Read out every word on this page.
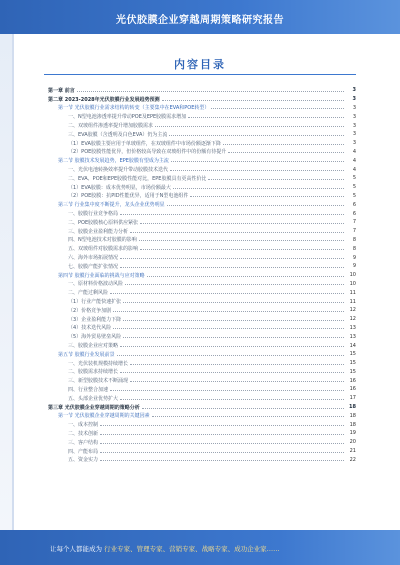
光伏胶膜企业穿越周期策略研究报告
内容目录
第一章 前言	3
第二章 2023-2028年光伏胶膜行业发展趋势预测	3
第一节 光伏胶膜行业需求结构的转变（主要集中在EVA和POE转型）	3
一、N型电池渗透率提升带动POE及EPE胶膜需求增加	3
二、双玻组件渗透率提升增加胶膜需求	3
三、EVA胶膜（含透明及白色EVA）仍为主流	3
（1）EVA胶膜主要应用于单玻组件，在双玻组件中市场份额逐渐下降	3
（2）POE胶膜性能优异，但价格较高导致在双玻组件中的份额有待提升	4
第二节 胶膜技术发展趋势，EPE胶膜有望成为主流	4
一、光伏电池转换效率提升带动胶膜技术迭代	4
二、EVA、POE和EPE胶膜性能对比，EPE胶膜具有更高性价比	5
（1）EVA胶膜：成本优势明显，市场份额最大	5
（2）POE胶膜：抗PID性能优异，适用于N型电池组件	5
第三节 行业集中度不断提升，龙头企业优势明显	6
一、胶膜行业竞争格局	6
二、POE胶膜核心原料供应紧张	7
三、胶膜企业盈利能力分析	7
四、N型电池技术对胶膜的影响	8
五、双玻组件对胶膜需求的影响	8
六、海外市场拓展情况	9
七、胶膜产能扩张情况	9
第四节 胶膜行业面临的挑战与应对策略	10
一、原材料价格波动风险	10
二、产能过剩风险	11
（1）行业产能快速扩张	11
（2）价格竞争加剧	12
（3）企业盈利能力下降	12
（4）技术迭代风险	13
（5）海外贸易壁垒风险	13
三、胶膜企业应对策略	14
第五节 胶膜行业发展前景	15
一、光伏装机规模持续增长	15
二、胶膜需求持续增长	15
三、新型胶膜技术不断涌现	16
四、行业整合加速	16
五、头部企业优势扩大	17
第三章 光伏胶膜企业穿越周期的策略分析	18
第一节 光伏胶膜企业穿越周期的关键因素	18
一、成本控制	18
二、技术创新	19
三、客户结构	20
四、产能布局	21
五、资金实力	22
让每个人都能成为 行业专家、管理专家、营销专家、战略专家、成功企业家……
